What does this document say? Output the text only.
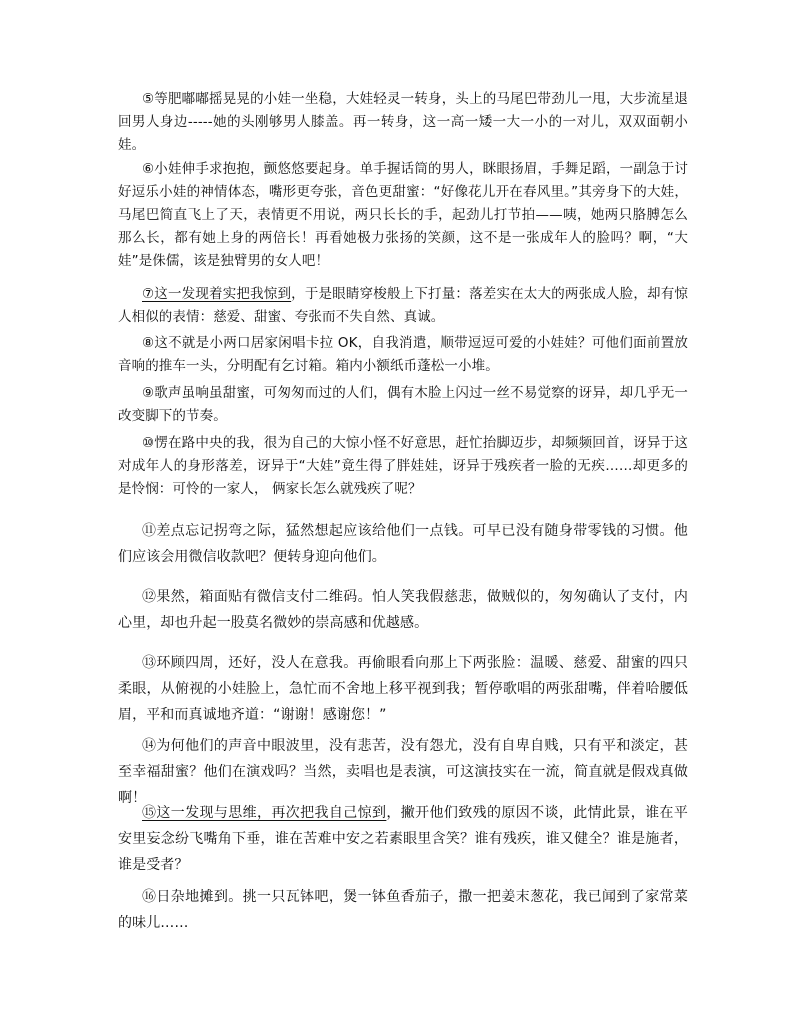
⑤等肥嘟嘟摇晃晃的小娃一坐稳，大娃轻灵一转身，头上的马尾巴带劲儿一甩，大步流星退回男人身边-----她的头刚够男人膝盖。再一转身，这一高一矮一大一小的一对儿，双双面朝小娃。

⑥小娃伸手求抱抱，颤悠悠要起身。单手握话筒的男人，眯眼扬眉，手舞足蹈，一副急于讨好逗乐小娃的神情体态，嘴形更夸张，音色更甜蜜：“好像花儿开在春风里。”其旁身下的大娃，马尾巴简直飞上了天，表情更不用说，两只长长的手，起劲儿打节拍——咦，她两只胳膊怎么那么长，都有她上身的两倍长！再看她极力张扬的笑颜，这不是一张成年人的脸吗？啊，“大娃”是侏儒，该是独臂男的女人吧！

⑦这一发现着实把我惊到，于是眼睛穿梭般上下打量：落差实在太大的两张成人脸，却有惊人相似的表情：慈爱、甜蜜、夸张而不失自然、真诚。

⑧这不就是小两口居家闲唱卡拉 OK，自我消遣，顺带逗逗可爱的小娃娃？可他们面前置放音响的推车一头，分明配有乞讨箱。箱内小额纸币蓬松一小堆。

⑨歌声虽响虽甜蜜，可匆匆而过的人们，偶有木脸上闪过一丝不易觉察的讶异，却几乎无一改变脚下的节奏。

⑩愣在路中央的我，很为自己的大惊小怪不好意思，赶忙抬脚迈步，却频频回首，讶异于这对成年人的身形落差，讶异于“大娃”竟生得了胖娃娃，讶异于残疾者一脸的无疾……却更多的是怜悯：可怜的一家人， 俩家长怎么就残疾了呢？

⑪差点忘记拐弯之际，猛然想起应该给他们一点钱。可早已没有随身带零钱的习惯。他们应该会用微信收款吧？便转身迎向他们。

⑫果然，箱面贴有微信支付二维码。怕人笑我假慈悲，做贼似的，匆匆确认了支付，内心里，却也升起一股莫名微妙的崇高感和优越感。

⑬环顾四周，还好，没人在意我。再偷眼看向那上下两张脸：温暖、慈爱、甜蜜的四只柔眼，从俯视的小娃脸上，急忙而不舍地上移平视到我；暂停歌唱的两张甜嘴，伴着哈腰低眉，平和而真诚地齐道：“谢谢！感谢您！”

⑭为何他们的声音中眼波里，没有悲苦，没有怨尤，没有自卑自贱，只有平和淡定，甚至幸福甜蜜？他们在演戏吗？当然，卖唱也是表演，可这演技实在一流，简直就是假戏真做啊！

⑮这一发现与思维，再次把我自己惊到，撇开他们致残的原因不谈，此情此景，谁在平安里妄念纷飞嘴角下垂，谁在苦难中安之若素眼里含笑？谁有残疾，谁又健全？谁是施者，谁是受者？

⑯日杂地摊到。挑一只瓦钵吧，煲一钵鱼香茄子，撒一把姜末葱花，我已闻到了家常菜的味儿……
